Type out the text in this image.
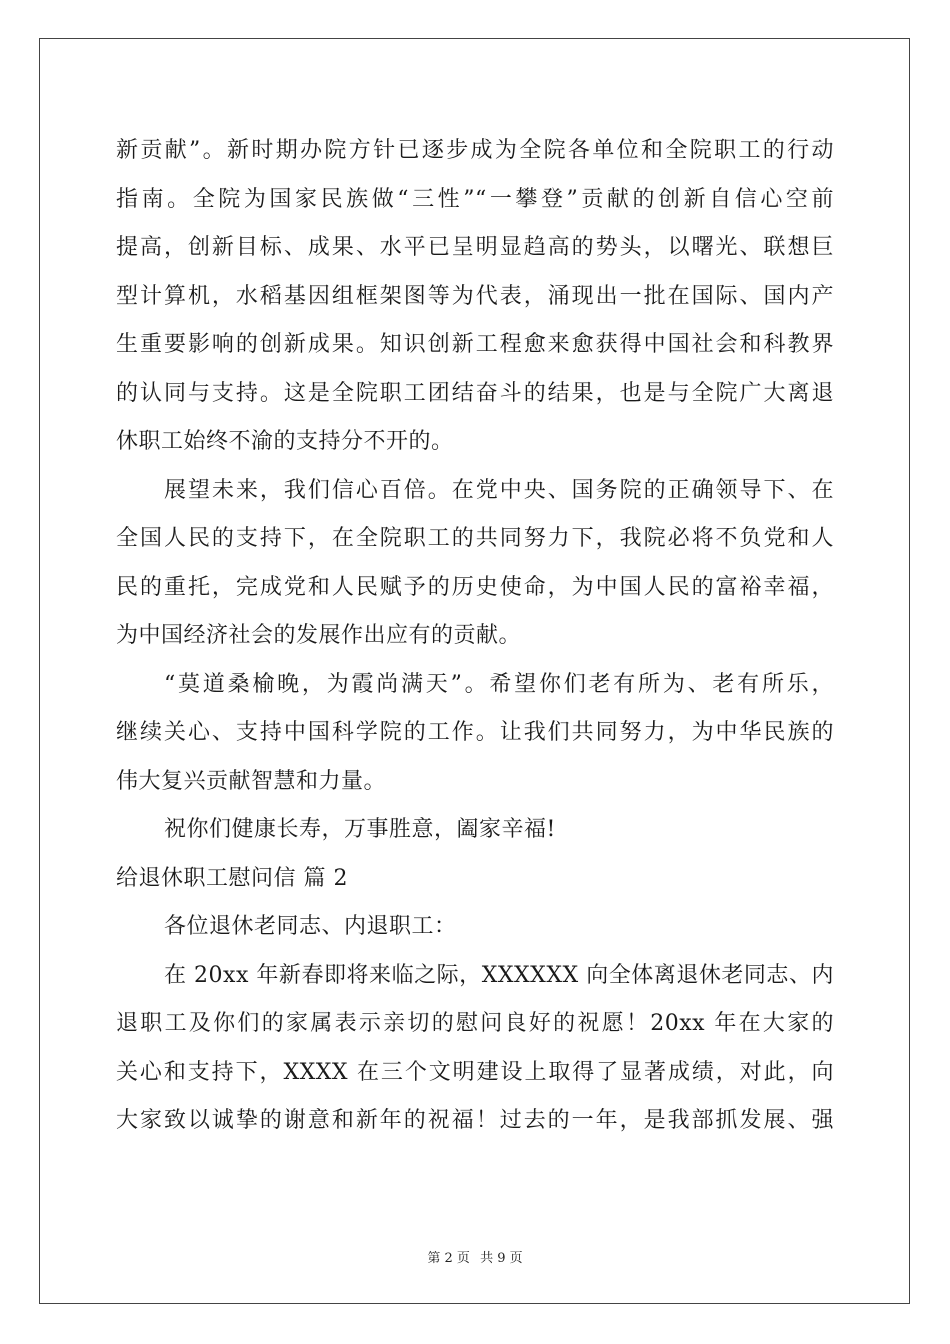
新贡献”。新时期办院方针已逐步成为全院各单位和全院职工的行动
指南。全院为国家民族做“三性”“一攀登”贡献的创新自信心空前
提高，创新目标、成果、水平已呈明显趋高的势头，以曙光、联想巨
型计算机，水稻基因组框架图等为代表，涌现出一批在国际、国内产
生重要影响的创新成果。知识创新工程愈来愈获得中国社会和科教界
的认同与支持。这是全院职工团结奋斗的结果，也是与全院广大离退
休职工始终不渝的支持分不开的。
展望未来，我们信心百倍。在党中央、国务院的正确领导下、在
全国人民的支持下，在全院职工的共同努力下，我院必将不负党和人
民的重托，完成党和人民赋予的历史使命，为中国人民的富裕幸福，
为中国经济社会的发展作出应有的贡献。
“莫道桑榆晚，为霞尚满天”。希望你们老有所为、老有所乐，
继续关心、支持中国科学院的工作。让我们共同努力，为中华民族的
伟大复兴贡献智慧和力量。
祝你们健康长寿，万事胜意，阖家辛福!
给退休职工慰问信 篇 2
各位退休老同志、内退职工：
在 20xx 年新春即将来临之际，XXXXXX 向全体离退休老同志、内
退职工及你们的家属表示亲切的慰问良好的祝愿！20xx 年在大家的
关心和支持下，XXXX 在三个文明建设上取得了显著成绩，对此，向
大家致以诚挚的谢意和新年的祝福！过去的一年，是我部抓发展、强
第 2 页 共 9 页
